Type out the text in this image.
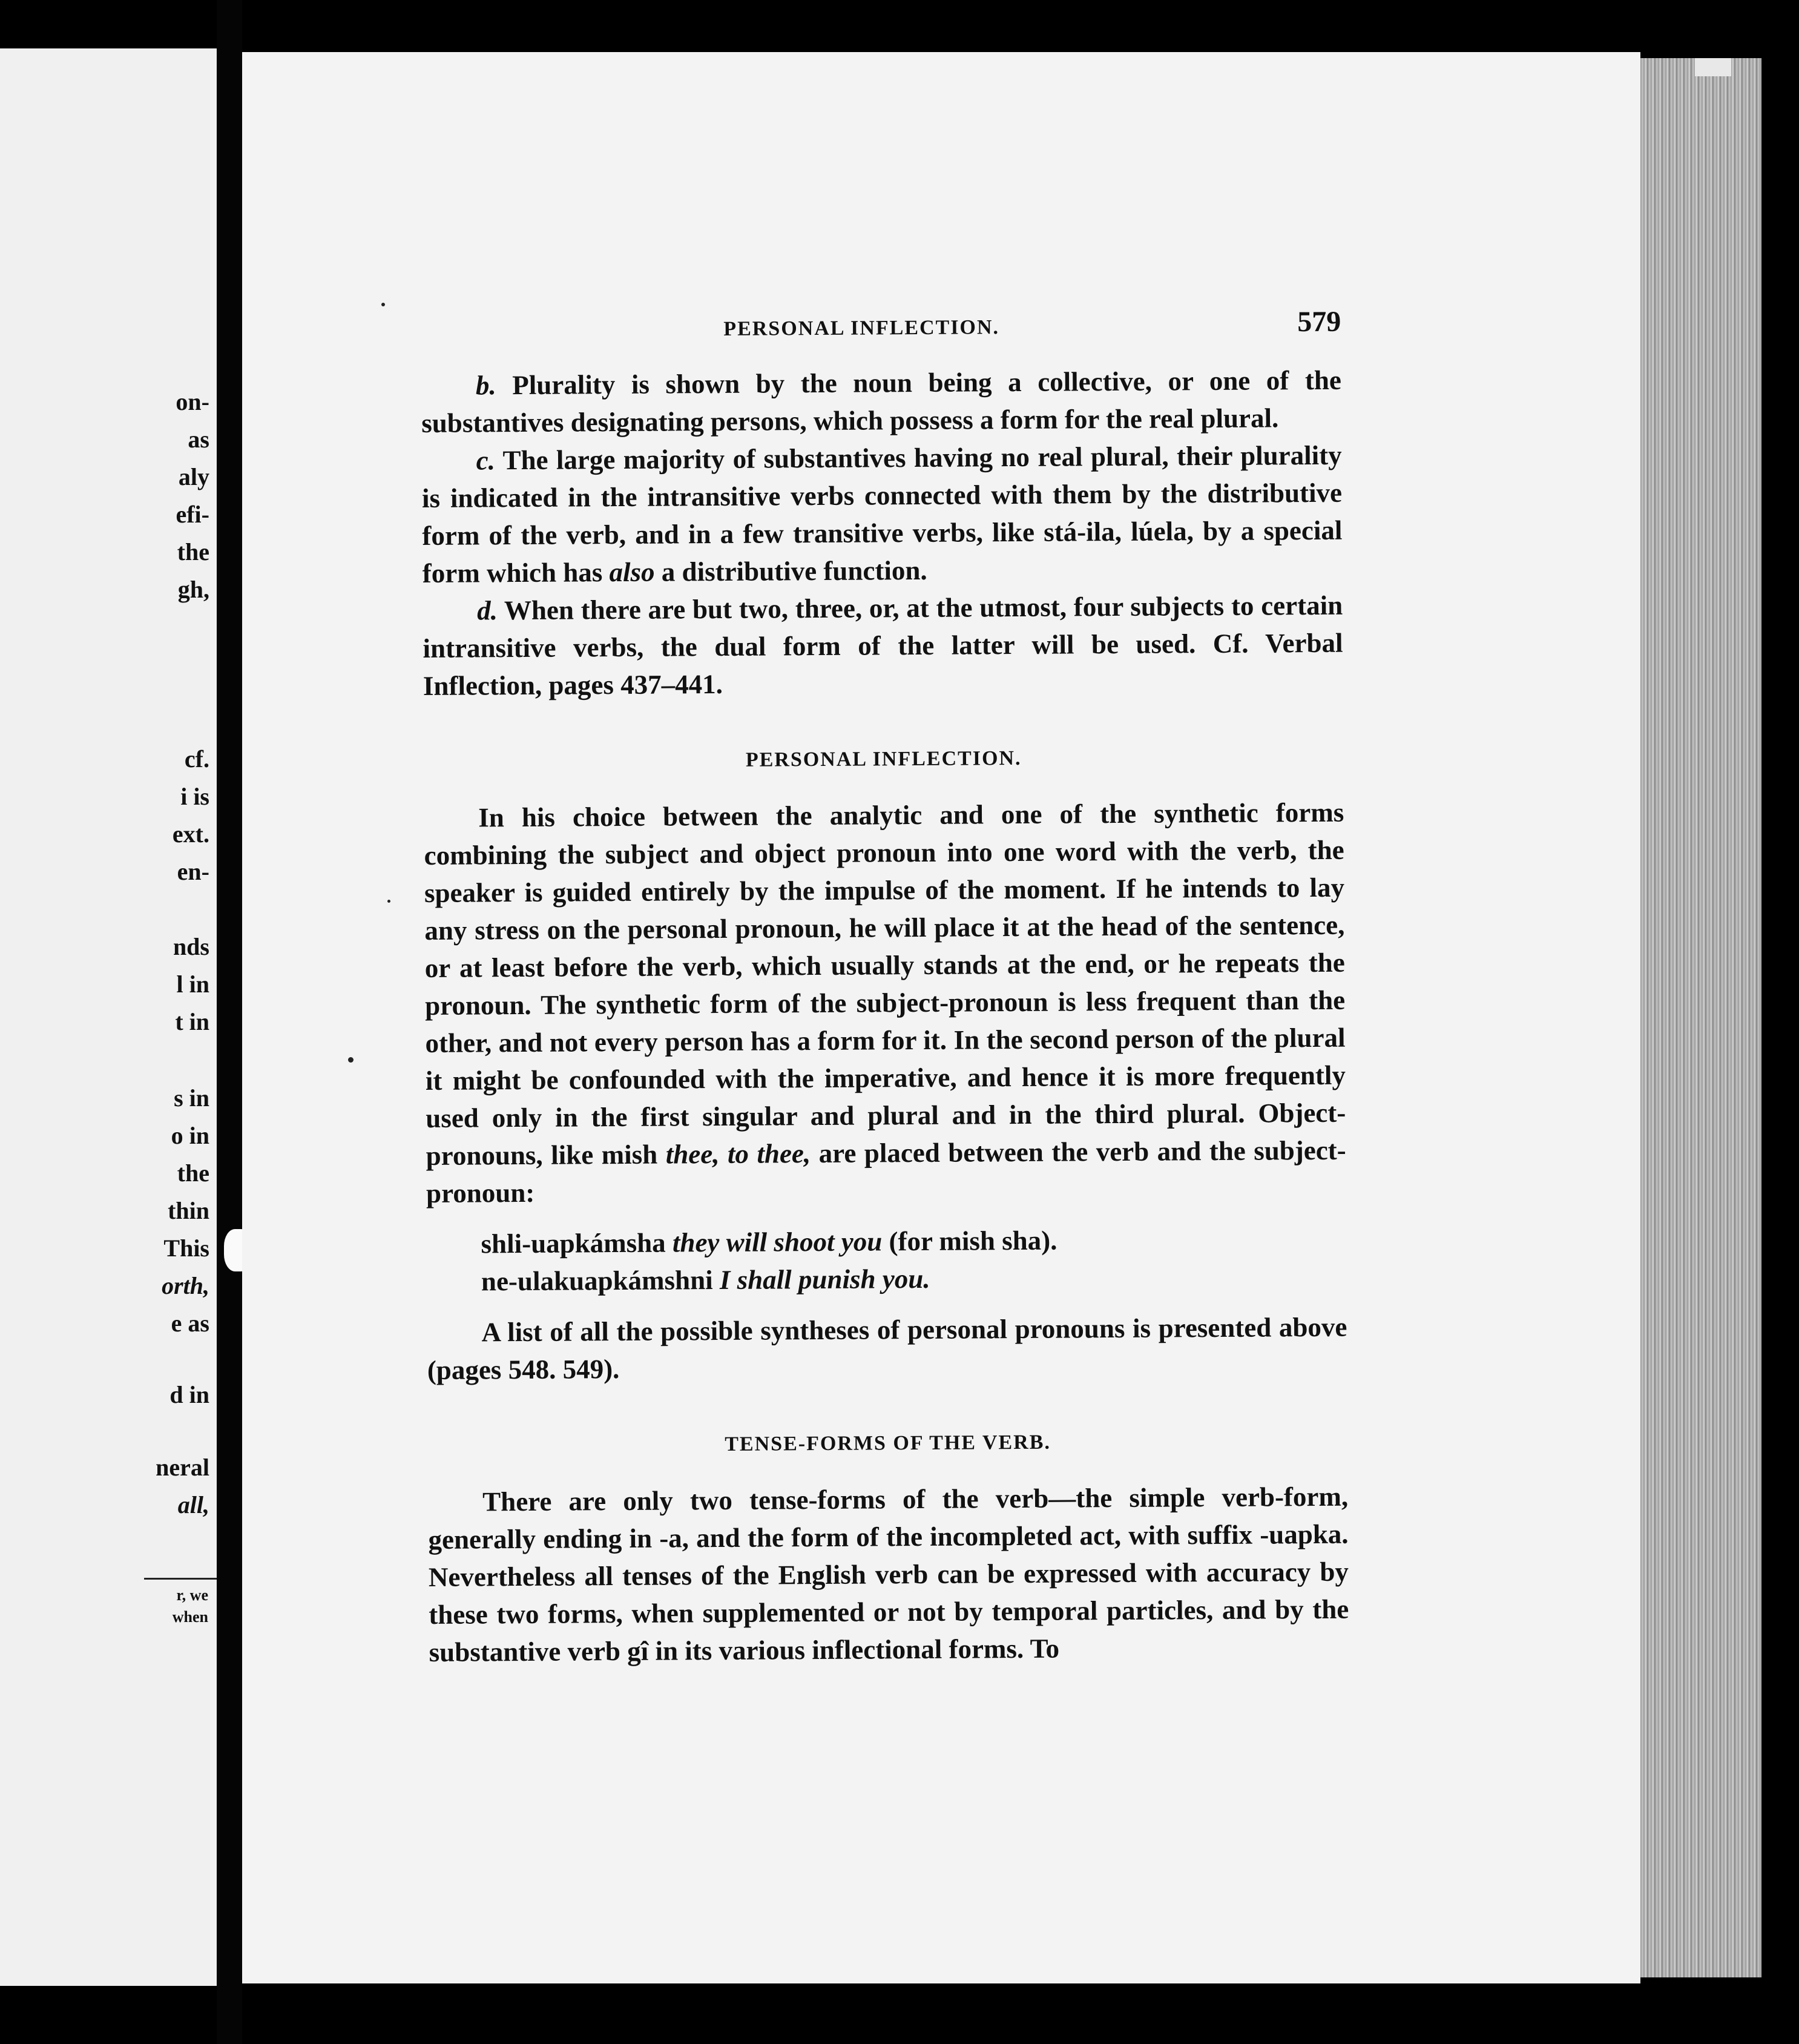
on-
as
aly
efi-
the
gh,
cf.
i is
ext.
en-
nds
l in
t in
s in
o in
the
thin
This
orth,
e as
d in
neral
all,
r, we
when
PERSONAL INFLECTION.	579

b. Plurality is shown by the noun being a collective, or one of the substantives designating persons, which possess a form for the real plural.

c. The large majority of substantives having no real plural, their plurality is indicated in the intransitive verbs connected with them by the distributive form of the verb, and in a few transitive verbs, like stá-ila, lúela, by a special form which has also a distributive function.

d. When there are but two, three, or, at the utmost, four subjects to certain intransitive verbs, the dual form of the latter will be used. Cf. Verbal Inflection, pages 437–441.

PERSONAL INFLECTION.

In his choice between the analytic and one of the synthetic forms combining the subject and object pronoun into one word with the verb, the speaker is guided entirely by the impulse of the moment. If he intends to lay any stress on the personal pronoun, he will place it at the head of the sentence, or at least before the verb, which usually stands at the end, or he repeats the pronoun. The synthetic form of the subject-pronoun is less frequent than the other, and not every person has a form for it. In the second person of the plural it might be confounded with the imperative, and hence it is more frequently used only in the first singular and plural and in the third plural. Object-pronouns, like mish thee, to thee, are placed between the verb and the subject-pronoun:

shli-uapkámsha they will shoot you (for mish sha).
ne-ulakuapkámshni I shall punish you.

A list of all the possible syntheses of personal pronouns is presented above (pages 548. 549).

TENSE-FORMS OF THE VERB.

There are only two tense-forms of the verb—the simple verb-form, generally ending in -a, and the form of the incompleted act, with suffix -uapka. Nevertheless all tenses of the English verb can be expressed with accuracy by these two forms, when supplemented or not by temporal particles, and by the substantive verb gî in its various inflectional forms. To
